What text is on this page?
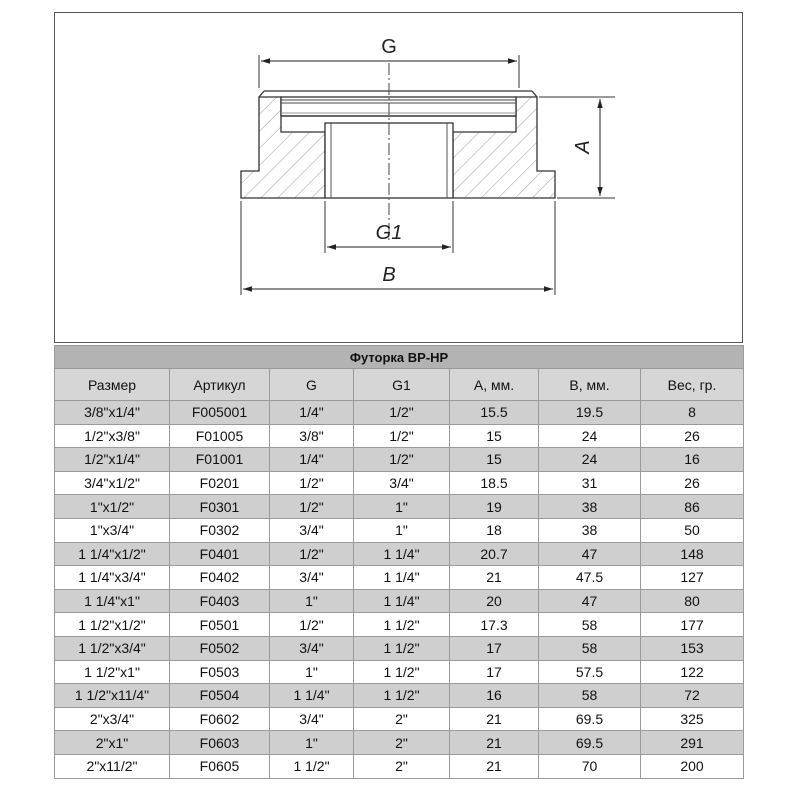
G
G1
B
A
Футорка ВР-НР						
Размер	Артикул	G	G1	А, мм.	В, мм.	Вес, гр.
3/8"x1/4"	F005001	1/4"	1/2"	15.5	19.5	8
1/2"x3/8"	F01005	3/8"	1/2"	15	24	26
1/2"x1/4"	F01001	1/4"	1/2"	15	24	16
3/4"x1/2"	F0201	1/2"	3/4"	18.5	31	26
1"x1/2"	F0301	1/2"	1"	19	38	86
1"x3/4"	F0302	3/4"	1"	18	38	50
1 1/4"x1/2"	F0401	1/2"	1 1/4"	20.7	47	148
1 1/4"x3/4"	F0402	3/4"	1 1/4"	21	47.5	127
1 1/4"x1"	F0403	1"	1 1/4"	20	47	80
1 1/2"x1/2"	F0501	1/2"	1 1/2"	17.3	58	177
1 1/2"x3/4"	F0502	3/4"	1 1/2"	17	58	153
1 1/2"x1"	F0503	1"	1 1/2"	17	57.5	122
1 1/2"x11/4"	F0504	1 1/4"	1 1/2"	16	58	72
2"x3/4"	F0602	3/4"	2"	21	69.5	325
2"x1"	F0603	1"	2"	21	69.5	291
2"x11/2"	F0605	1 1/2"	2"	21	70	200
